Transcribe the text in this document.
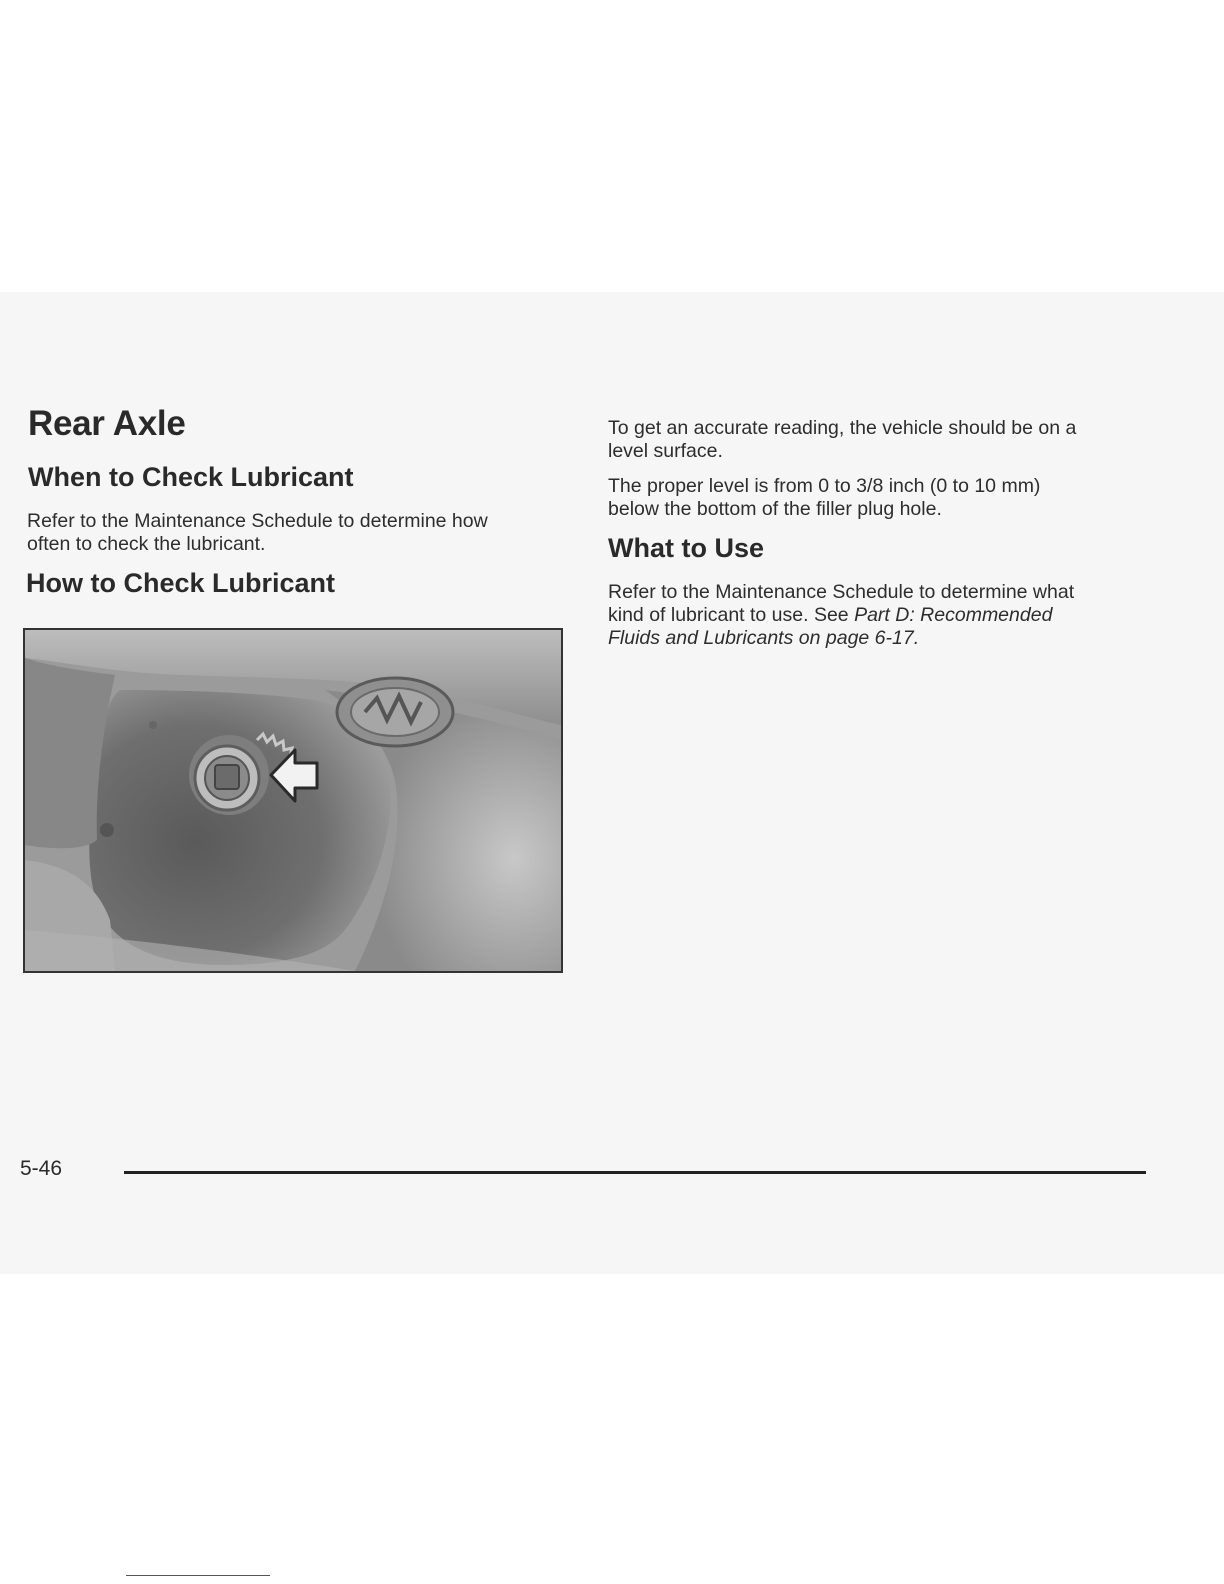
Rear Axle
When to Check Lubricant

Refer to the Maintenance Schedule to determine how
often to check the lubricant.

How to Check Lubricant

To get an accurate reading, the vehicle should be on a
level surface.

The proper level is from 0 to 3/8 inch (0 to 10 mm)
below the bottom of the filler plug hole.

What to Use

Refer to the Maintenance Schedule to determine what
kind of lubricant to use. See Part D: Recommended
Fluids and Lubricants on page 6-17.

5-46
